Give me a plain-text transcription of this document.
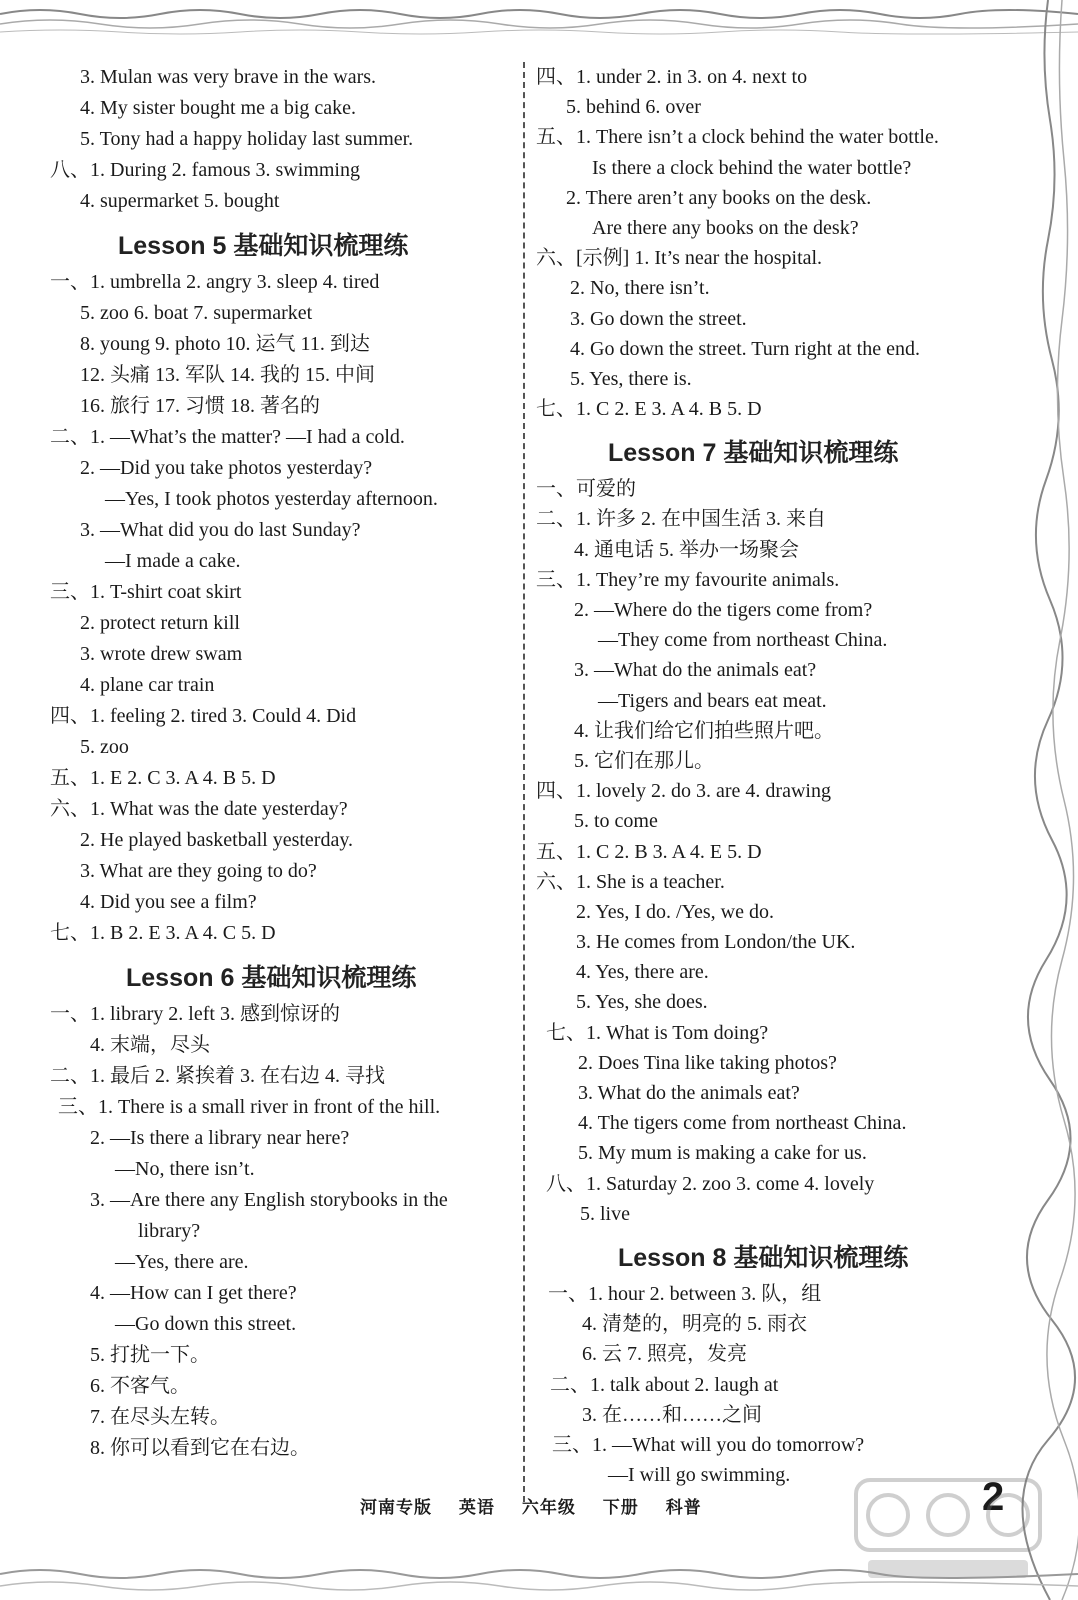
3. Mulan was very brave in the wars.
4. My sister bought me a big cake.
5. Tony had a happy holiday last summer.
八、1. During 2. famous 3. swimming
4. supermarket 5. bought
Lesson 5 基础知识梳理练
一、1. umbrella 2. angry 3. sleep 4. tired
5. zoo 6. boat 7. supermarket
8. young 9. photo 10. 运气 11. 到达
12. 头痛 13. 军队 14. 我的 15. 中间
16. 旅行 17. 习惯 18. 著名的
二、1. —What’s the matter? —I had a cold.
2. —Did you take photos yesterday?
—Yes, I took photos yesterday afternoon.
3. —What did you do last Sunday?
—I made a cake.
三、1. T-shirt coat skirt
2. protect return kill
3. wrote drew swam
4. plane car train
四、1. feeling 2. tired 3. Could 4. Did
5. zoo
五、1. E 2. C 3. A 4. B 5. D
六、1. What was the date yesterday?
2. He played basketball yesterday.
3. What are they going to do?
4. Did you see a film?
七、1. B 2. E 3. A 4. C 5. D
Lesson 6 基础知识梳理练
一、1. library 2. left 3. 感到惊讶的
4. 末端，尽头
二、1. 最后 2. 紧挨着 3. 在右边 4. 寻找
三、1. There is a small river in front of the hill.
2. —Is there a library near here?
—No, there isn’t.
3. —Are there any English storybooks in the
library?
—Yes, there are.
4. —How can I get there?
—Go down this street.
5. 打扰一下。
6. 不客气。
7. 在尽头左转。
8. 你可以看到它在右边。
四、1. under 2. in 3. on 4. next to
5. behind 6. over
五、1. There isn’t a clock behind the water bottle.
Is there a clock behind the water bottle?
2. There aren’t any books on the desk.
Are there any books on the desk?
六、[示例] 1. It’s near the hospital.
2. No, there isn’t.
3. Go down the street.
4. Go down the street. Turn right at the end.
5. Yes, there is.
七、1. C 2. E 3. A 4. B 5. D
Lesson 7 基础知识梳理练
一、可爱的
二、1. 许多 2. 在中国生活 3. 来自
4. 通电话 5. 举办一场聚会
三、1. They’re my favourite animals.
2. —Where do the tigers come from?
—They come from northeast China.
3. —What do the animals eat?
—Tigers and bears eat meat.
4. 让我们给它们拍些照片吧。
5. 它们在那儿。
四、1. lovely 2. do 3. are 4. drawing
5. to come
五、1. C 2. B 3. A 4. E 5. D
六、1. She is a teacher.
2. Yes, I do. /Yes, we do.
3. He comes from London/the UK.
4. Yes, there are.
5. Yes, she does.
七、1. What is Tom doing?
2. Does Tina like taking photos?
3. What do the animals eat?
4. The tigers come from northeast China.
5. My mum is making a cake for us.
八、1. Saturday 2. zoo 3. come 4. lovely
5. live
Lesson 8 基础知识梳理练
一、1. hour 2. between 3. 队，组
4. 清楚的，明亮的 5. 雨衣
6. 云 7. 照亮，发亮
二、1. talk about 2. laugh at
3. 在……和……之间
三、1. —What will you do tomorrow?
—I will go swimming.
河南专版 英语 六年级 下册 科普	2
